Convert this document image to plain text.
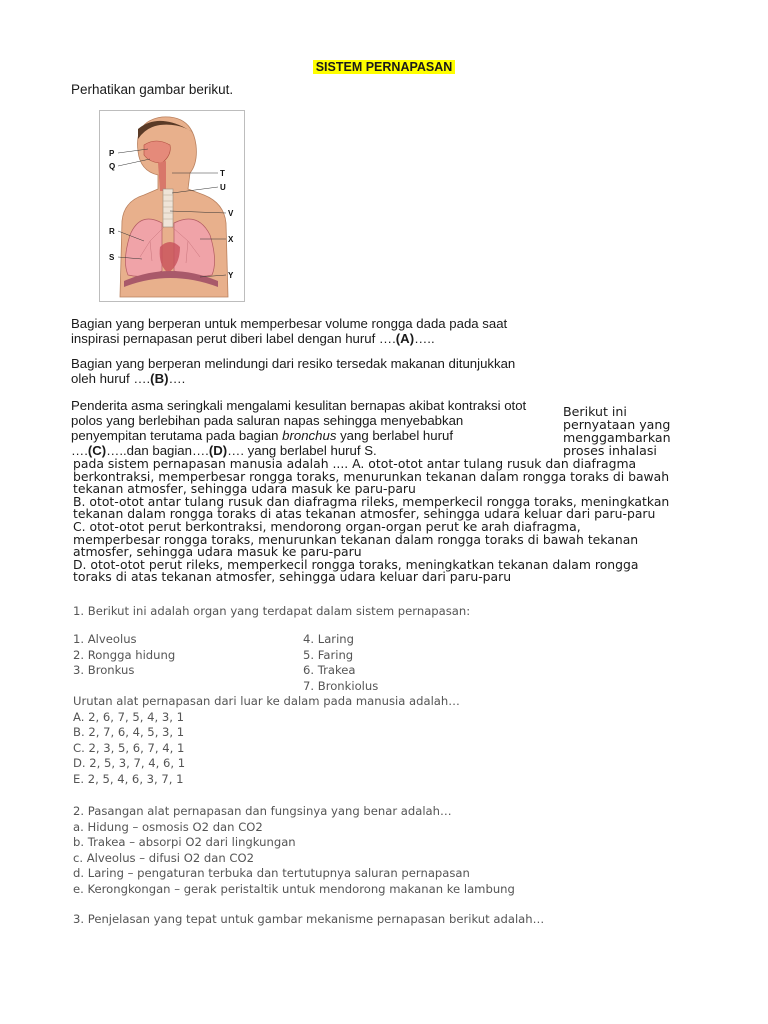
SISTEM PERNAPASAN
Perhatikan gambar berikut.
P
Q
T
U
V
R
X
S
Y
Bagian yang berperan untuk memperbesar volume rongga dada pada saat
inspirasi pernapasan perut diberi label dengan huruf ….(A)…..
Bagian yang berperan melindungi dari resiko tersedak makanan ditunjukkan
oleh huruf ….(B)….
Penderita asma seringkali mengalami kesulitan bernapas akibat kontraksi otot
polos yang berlebihan pada saluran napas sehingga menyebabkan
penyempitan terutama pada bagian bronchus yang berlabel huruf
….(C)…..dan bagian….(D)…. yang berlabel huruf S.
Berikut ini
pernyataan yang
menggambarkan
proses inhalasi
pada sistem pernapasan manusia adalah .... A. otot-otot antar tulang rusuk dan diafragma
berkontraksi, memperbesar rongga toraks, menurunkan tekanan dalam rongga toraks di bawah
tekanan atmosfer, sehingga udara masuk ke paru-paru
B. otot-otot antar tulang rusuk dan diafragma rileks, memperkecil rongga toraks, meningkatkan
tekanan dalam rongga toraks di atas tekanan atmosfer, sehingga udara keluar dari paru-paru
C. otot-otot perut berkontraksi, mendorong organ-organ perut ke arah diafragma,
memperbesar rongga toraks, menurunkan tekanan dalam rongga toraks di bawah tekanan
atmosfer, sehingga udara masuk ke paru-paru
D. otot-otot perut rileks, memperkecil rongga toraks, meningkatkan tekanan dalam rongga
toraks di atas tekanan atmosfer, sehingga udara keluar dari paru-paru
1. Berikut ini adalah organ yang terdapat dalam sistem pernapasan:
1. Alveolus
2. Rongga hidung
3. Bronkus
4. Laring
5. Faring
6. Trakea
7. Bronkiolus
Urutan alat pernapasan dari luar ke dalam pada manusia adalah…
A. 2, 6, 7, 5, 4, 3, 1
B. 2, 7, 6, 4, 5, 3, 1
C. 2, 3, 5, 6, 7, 4, 1
D. 2, 5, 3, 7, 4, 6, 1
E. 2, 5, 4, 6, 3, 7, 1
2. Pasangan alat pernapasan dan fungsinya yang benar adalah…
a. Hidung – osmosis O2 dan CO2
b. Trakea – absorpi O2 dari lingkungan
c. Alveolus – difusi O2 dan CO2
d. Laring – pengaturan terbuka dan tertutupnya saluran pernapasan
e. Kerongkongan – gerak peristaltik untuk mendorong makanan ke lambung
3. Penjelasan yang tepat untuk gambar mekanisme pernapasan berikut adalah…
